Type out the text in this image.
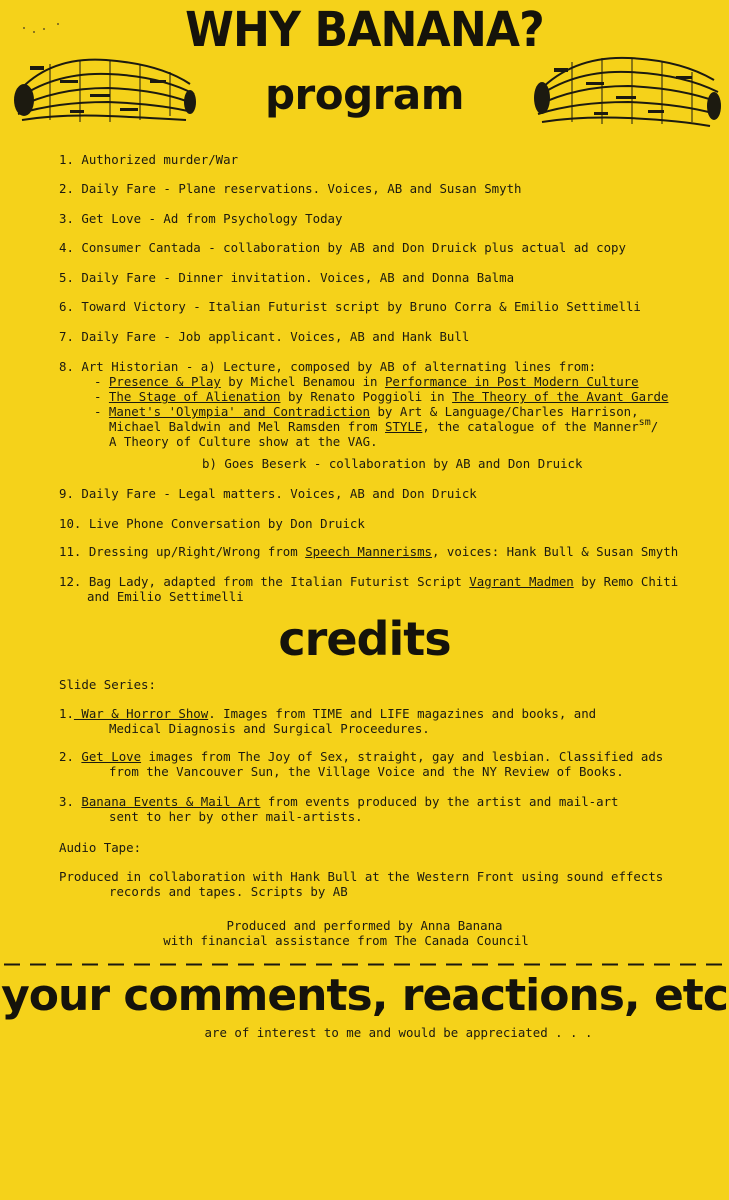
WHY BANANA?
program
1. Authorized murder/War
2. Daily Fare - Plane reservations. Voices, AB and Susan Smyth
3. Get Love - Ad from Psychology Today
4. Consumer Cantada - collaboration by AB and Don Druick plus actual ad copy
5. Daily Fare - Dinner invitation. Voices, AB and Donna Balma
6. Toward Victory - Italian Futurist script by Bruno Corra & Emilio Settimelli
7. Daily Fare - Job applicant. Voices, AB and Hank Bull
8. Art Historian - a) Lecture, composed by AB of alternating lines from:
- Presence & Play by Michel Benamou in Performance in Post Modern Culture
- The Stage of Alienation by Renato Poggioli in The Theory of the Avant Garde
- Manet's 'Olympia' and Contradiction by Art & Language/Charles Harrison,
Michael Baldwin and Mel Ramsden from STYLE, the catalogue of the Manner$^{sm}$/
A Theory of Culture show at the VAG.
b) Goes Beserk - collaboration by AB and Don Druick
9. Daily Fare - Legal matters. Voices, AB and Don Druick
10. Live Phone Conversation by Don Druick
11. Dressing up/Right/Wrong from Speech Mannerisms, voices: Hank Bull & Susan Smyth
12. Bag Lady, adapted from the Italian Futurist Script Vagrant Madmen by Remo Chiti
and Emilio Settimelli
credits
Slide Series:
1. War & Horror Show. Images from TIME and LIFE magazines and books, and
Medical Diagnosis and Surgical Proceedures.
2. Get Love images from The Joy of Sex, straight, gay and lesbian. Classified ads
from the Vancouver Sun, the Village Voice and the NY Review of Books.
3. Banana Events & Mail Art from events produced by the artist and mail-art
sent to her by other mail-artists.
Audio Tape:
Produced in collaboration with Hank Bull at the Western Front using sound effects
records and tapes. Scripts by AB
Produced and performed by Anna Banana
with financial assistance from The Canada Council
your comments, reactions, etc
are of interest to me and would be appreciated . . .
